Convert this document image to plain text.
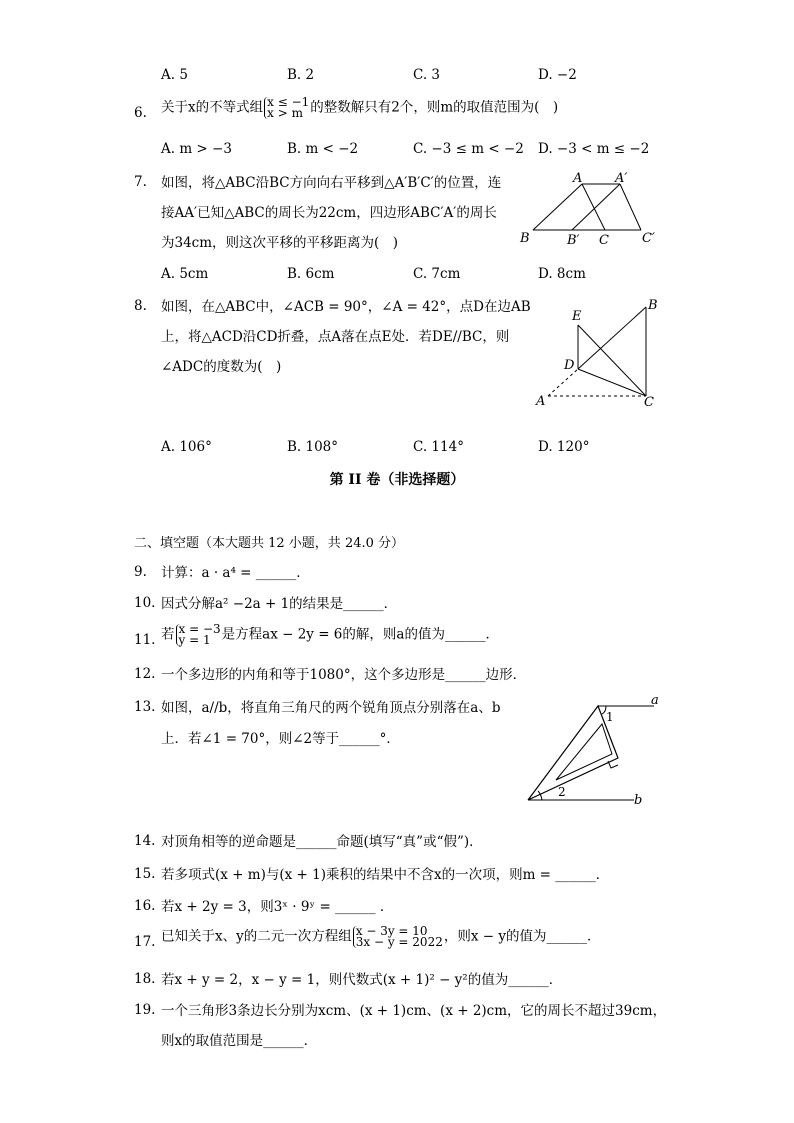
A. 5	B. 2	C. 3	D. −2
6. 关于x的不等式组 x ≤ −1
x > m 的整数解只有2个，则m的取值范围为(　)
A. m > −3	B. m < −2	C. −3 ≤ m < −2 D. −3 < m ≤ −2
7. 如图，将△ABC沿BC方向向右平移到△A′B′C′的位置，连
接AA′已知△ABC的周长为22cm，四边形ABC′A′的周长
为34cm，则这次平移的平移距离为(　)
A. 5cm	B. 6cm	C. 7cm	D. 8cm
A	A′
B	B′ C	C′
8. 如图，在△ABC中，∠ACB = 90°，∠A = 42°，点D在边AB
上，将△ACD沿CD折叠，点A落在点E处．若DE//BC，则
∠ADC的度数为(　)
A. 106°	B. 108°	C. 114°	D. 120°
E
B
D
A	C
第 II 卷（非选择题）
二、填空题（本大题共 12 小题，共 24.0 分）
9. 计算：a · a⁴ = ______．
10. 因式分解a² −2a + 1的结果是______．
11. 若 x = −3
y = 1 是方程ax − 2y = 6的解，则a的值为______．
12. 一个多边形的内角和等于1080°，这个多边形是______边形．
13. 如图，a//b，将直角三角尺的两个锐角顶点分别落在a、b
上．若∠1 = 70°，则∠2等于______°．
a
b
1
2
14. 对顶角相等的逆命题是______命题(填写“真”或“假”)．
15. 若多项式(x + m)与(x + 1)乘积的结果中不含x的一次项，则m = ______．
16. 若x + 2y = 3，则3ˣ · 9ʸ = ______ ．
17. 已知关于x、y的二元一次方程组 x − 3y = 10
3x − y = 2022，则x − y的值为______．
18. 若x + y = 2，x − y = 1，则代数式(x + 1)² − y²的值为______．
19. 一个三角形3条边长分别为xcm、(x + 1)cm、(x + 2)cm，它的周长不超过39cm，
则x的取值范围是______．
